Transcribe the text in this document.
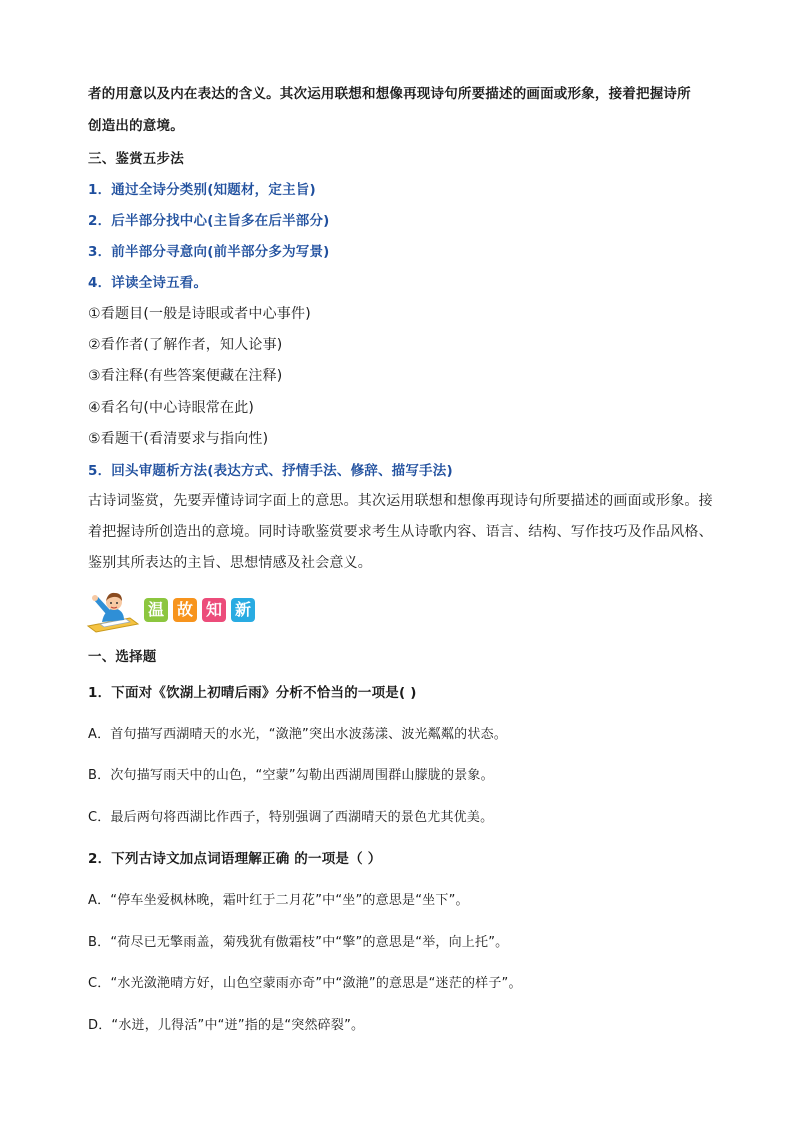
者的用意以及内在表达的含义。其次运用联想和想像再现诗句所要描述的画面或形象，接着把握诗所
创造出的意境。
三、鉴赏五步法
1．通过全诗分类别(知题材，定主旨)
2．后半部分找中心(主旨多在后半部分)
3．前半部分寻意向(前半部分多为写景)
4．详读全诗五看。
①看题目(一般是诗眼或者中心事件)
②看作者(了解作者，知人论事)
③看注释(有些答案便藏在注释)
④看名句(中心诗眼常在此)
⑤看题干(看清要求与指向性)
5．回头审题析方法(表达方式、抒情手法、修辞、描写手法)
古诗词鉴赏，先要弄懂诗词字面上的意思。其次运用联想和想像再现诗句所要描述的画面或形象。接
着把握诗所创造出的意境。同时诗歌鉴赏要求考生从诗歌内容、语言、结构、写作技巧及作品风格、
鉴别其所表达的主旨、思想情感及社会意义。
温 故 知 新
一、选择题
1．下面对《饮湖上初晴后雨》分析不恰当的一项是( )
A．首句描写西湖晴天的水光，“潋滟”突出水波荡漾、波光粼粼的状态。
B．次句描写雨天中的山色，“空蒙”勾勒出西湖周围群山朦胧的景象。
C．最后两句将西湖比作西子，特别强调了西湖晴天的景色尤其优美。
2．下列古诗文加点词语理解正确 的一项是（ ）
A．“停车坐爱枫林晚，霜叶红于二月花”中“坐”的意思是“坐下”。
B．“荷尽已无擎雨盖，菊残犹有傲霜枝”中“擎”的意思是“举，向上托”。
C．“水光潋滟晴方好，山色空蒙雨亦奇”中“潋滟”的意思是“迷茫的样子”。
D．“水迸，儿得活”中“迸”指的是“突然碎裂”。
